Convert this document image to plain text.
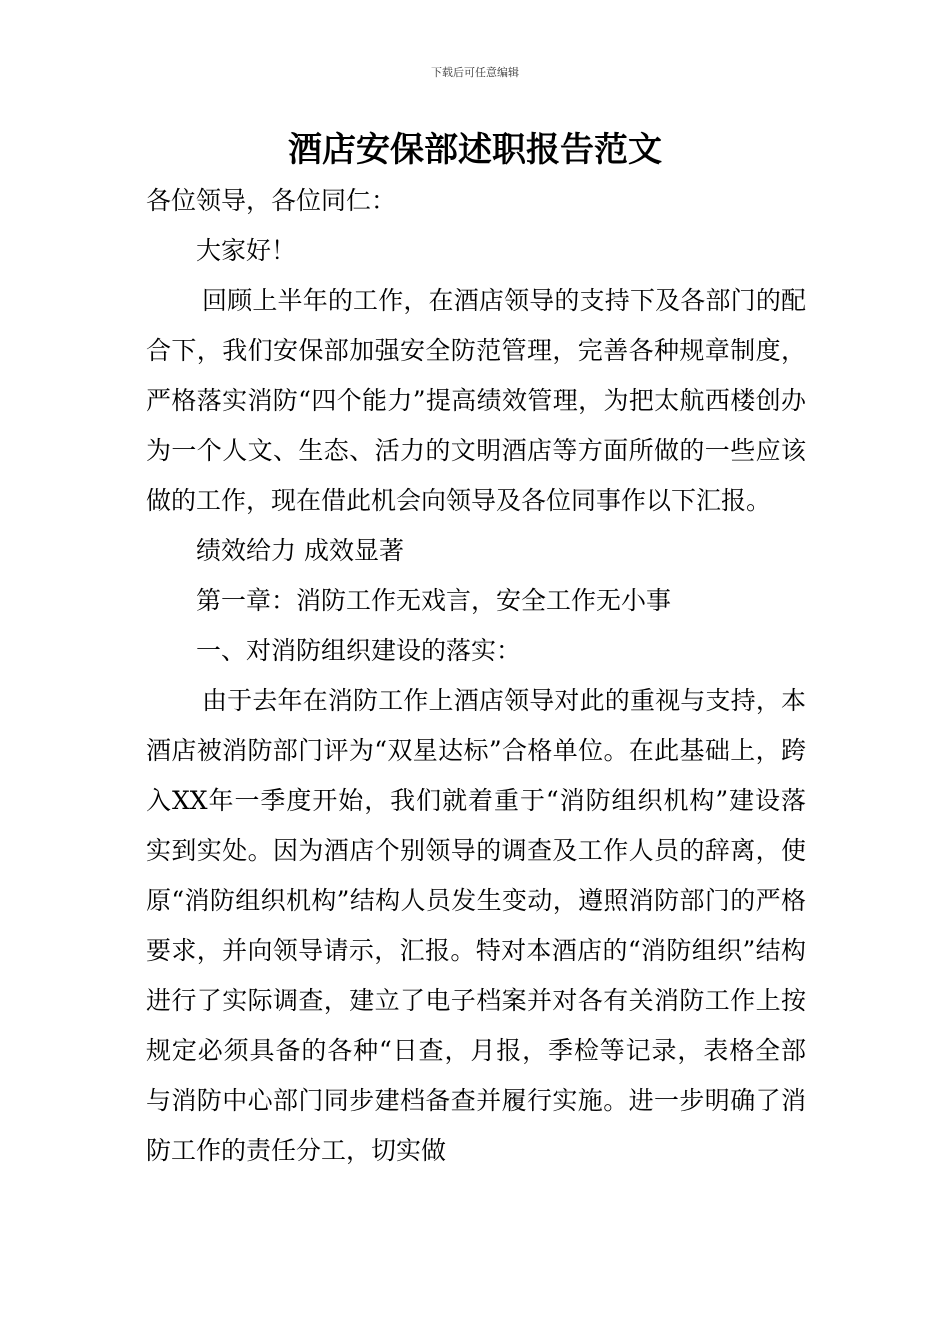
下载后可任意编辑
酒店安保部述职报告范文

各位领导，各位同仁：

大家好！

回顾上半年的工作，在酒店领导的支持下及各部门的配合下，我们安保部加强安全防范管理，完善各种规章制度，严格落实消防“四个能力”提高绩效管理，为把太航西楼创办为一个人文、生态、活力的文明酒店等方面所做的一些应该做的工作，现在借此机会向领导及各位同事作以下汇报。

绩效给力 成效显著

第一章：消防工作无戏言，安全工作无小事

一、对消防组织建设的落实：

由于去年在消防工作上酒店领导对此的重视与支持，本酒店被消防部门评为“双星达标”合格单位。在此基础上，跨入XX年一季度开始，我们就着重于“消防组织机构”建设落实到实处。因为酒店个别领导的调查及工作人员的辞离，使原“消防组织机构”结构人员发生变动，遵照消防部门的严格要求，并向领导请示，汇报。特对本酒店的“消防组织”结构进行了实际调查，建立了电子档案并对各有关消防工作上按规定必须具备的各种“日查，月报，季检等记录，表格全部与消防中心部门同步建档备查并履行实施。进一步明确了消防工作的责任分工，切实做
